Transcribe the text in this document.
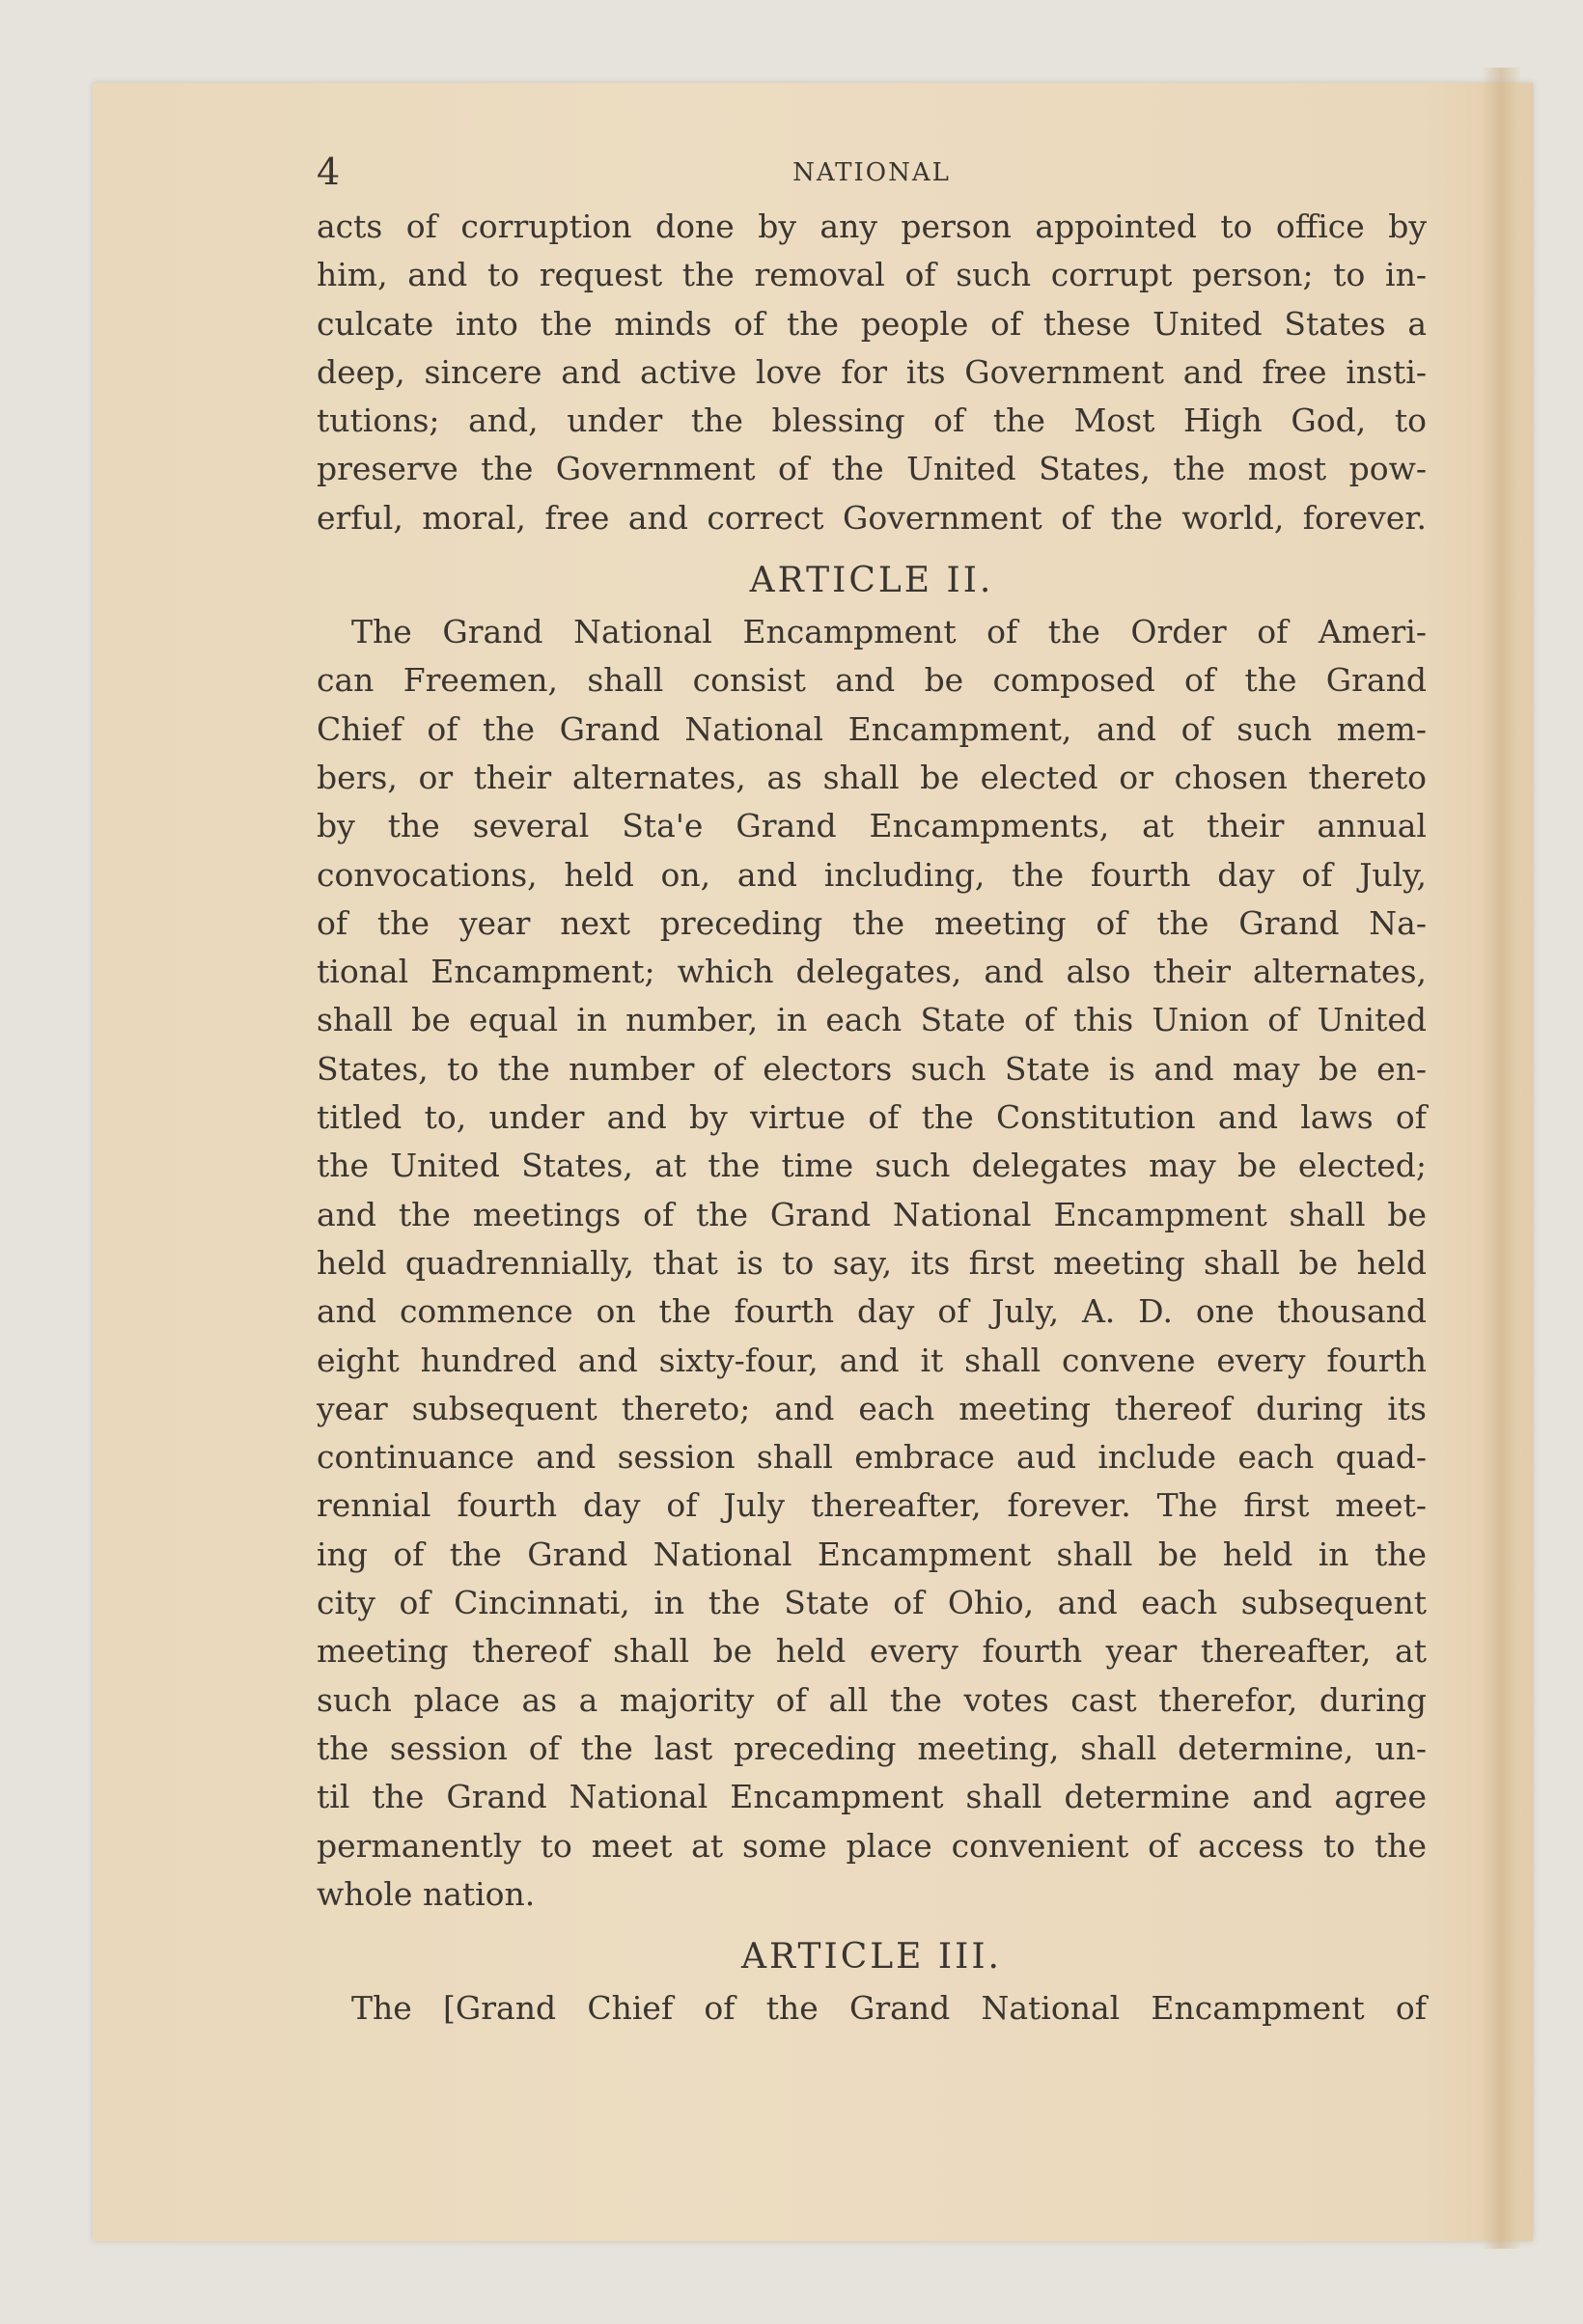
4	NATIONAL
acts of corruption done by any person appointed to office by
him, and to request the removal of such corrupt person; to in-
culcate into the minds of the people of these United States a
deep, sincere and active love for its Government and free insti-
tutions; and, under the blessing of the Most High God, to
preserve the Government of the United States, the most pow-
erful, moral, free and correct Government of the world, forever.
ARTICLE II.
The Grand National Encampment of the Order of Ameri-
can Freemen, shall consist and be composed of the Grand
Chief of the Grand National Encampment, and of such mem-
bers, or their alternates, as shall be elected or chosen thereto
by the several Sta'e Grand Encampments, at their annual
convocations, held on, and including, the fourth day of July,
of the year next preceding the meeting of the Grand Na-
tional Encampment; which delegates, and also their alternates,
shall be equal in number, in each State of this Union of United
States, to the number of electors such State is and may be en-
titled to, under and by virtue of the Constitution and laws of
the United States, at the time such delegates may be elected;
and the meetings of the Grand National Encampment shall be
held quadrennially, that is to say, its first meeting shall be held
and commence on the fourth day of July, A. D. one thousand
eight hundred and sixty-four, and it shall convene every fourth
year subsequent thereto; and each meeting thereof during its
continuance and session shall embrace aud include each quad-
rennial fourth day of July thereafter, forever. The first meet-
ing of the Grand National Encampment shall be held in the
city of Cincinnati, in the State of Ohio, and each subsequent
meeting thereof shall be held every fourth year thereafter, at
such place as a majority of all the votes cast therefor, during
the session of the last preceding meeting, shall determine, un-
til the Grand National Encampment shall determine and agree
permanently to meet at some place convenient of access to the
whole nation.
ARTICLE III.
The [Grand Chief of the Grand National Encampment of
